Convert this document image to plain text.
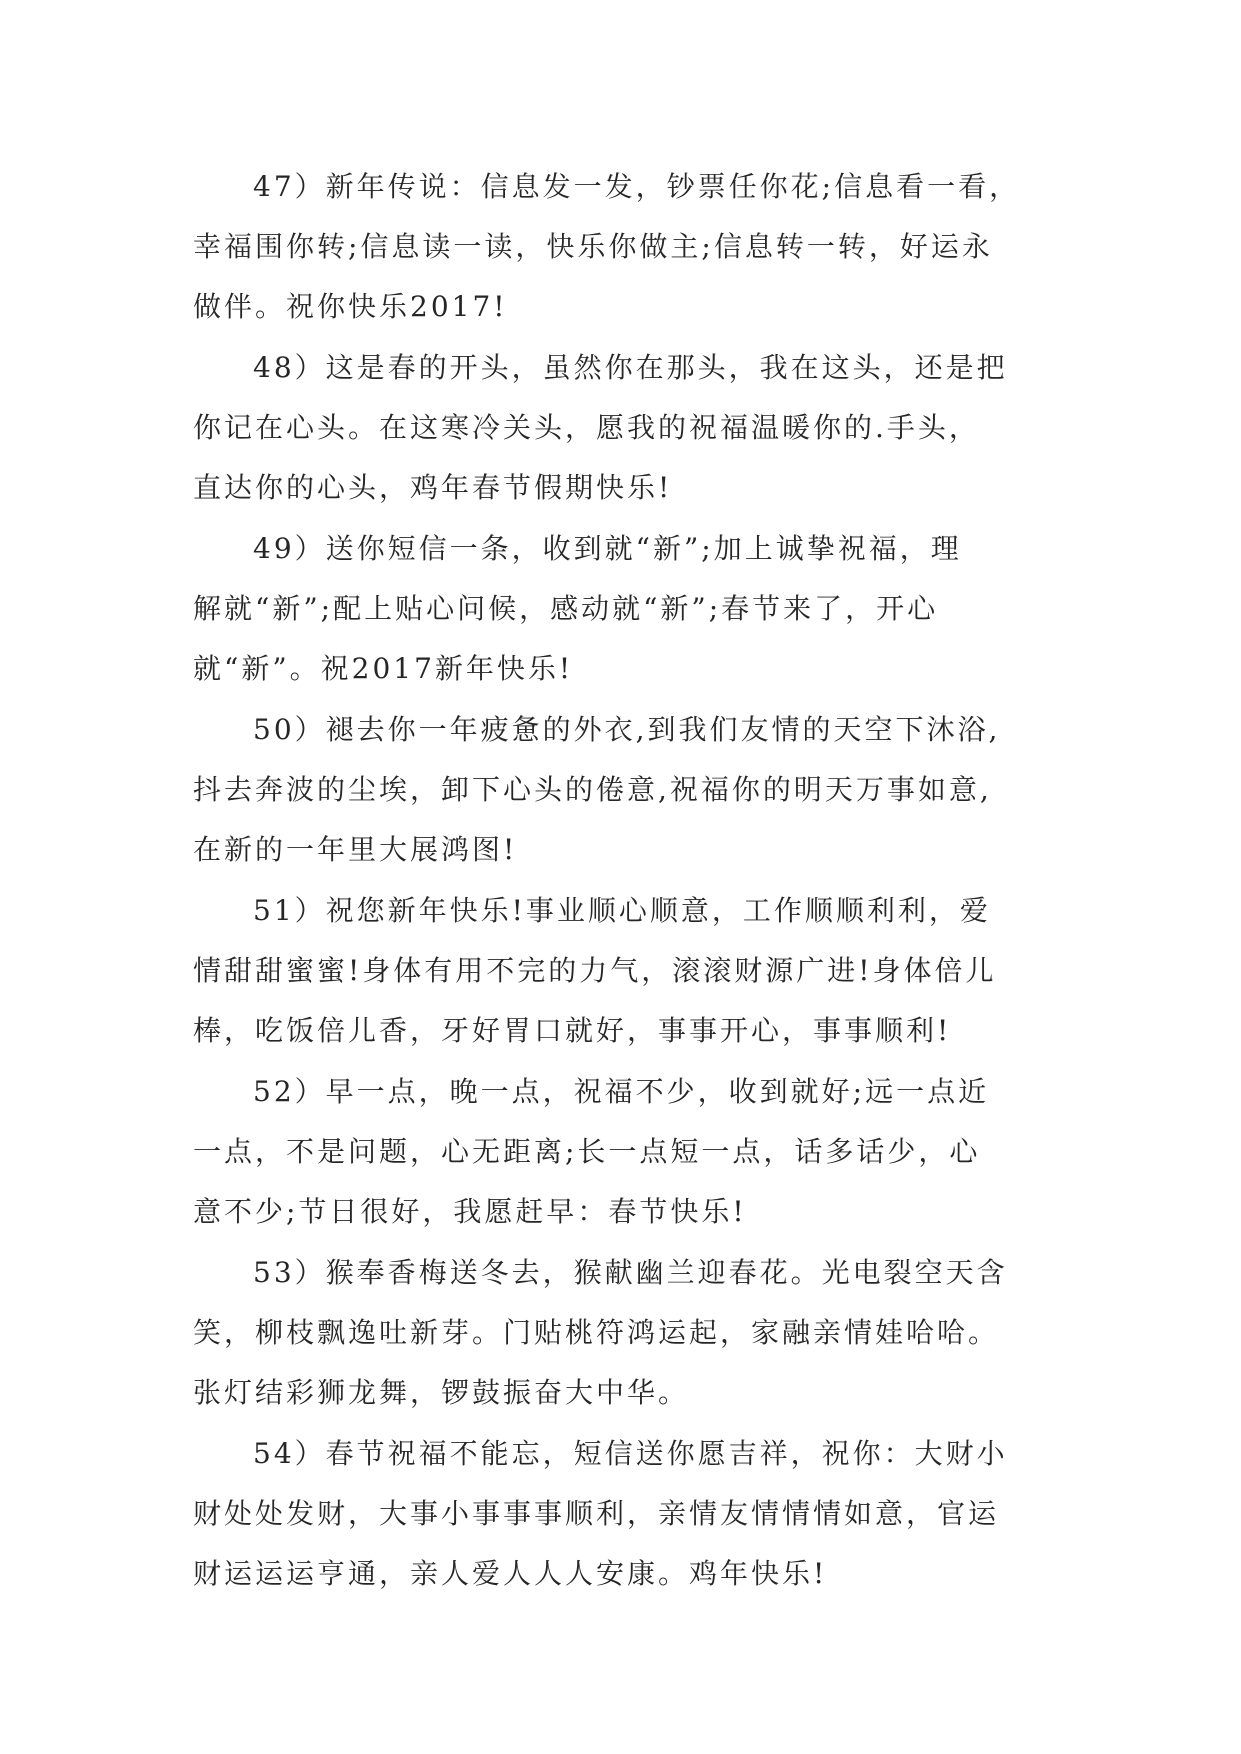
47）新年传说：信息发一发，钞票任你花;信息看一看，
幸福围你转;信息读一读，快乐你做主;信息转一转，好运永
做伴。祝你快乐2017!
48）这是春的开头，虽然你在那头，我在这头，还是把
你记在心头。在这寒冷关头，愿我的祝福温暖你的.手头，
直达你的心头，鸡年春节假期快乐!
49）送你短信一条，收到就“新”;加上诚挚祝福，理
解就“新”;配上贴心问候，感动就“新”;春节来了，开心
就“新”。祝2017新年快乐!
50）褪去你一年疲惫的外衣,到我们友情的天空下沐浴,
抖去奔波的尘埃，卸下心头的倦意,祝福你的明天万事如意,
在新的一年里大展鸿图!
51）祝您新年快乐!事业顺心顺意，工作顺顺利利，爱
情甜甜蜜蜜!身体有用不完的力气，滚滚财源广进!身体倍儿
棒，吃饭倍儿香，牙好胃口就好，事事开心，事事顺利!
52）早一点，晚一点，祝福不少，收到就好;远一点近
一点，不是问题，心无距离;长一点短一点，话多话少，心
意不少;节日很好，我愿赶早：春节快乐!
53）猴奉香梅送冬去，猴献幽兰迎春花。光电裂空天含
笑，柳枝飘逸吐新芽。门贴桃符鸿运起，家融亲情娃哈哈。
张灯结彩狮龙舞，锣鼓振奋大中华。
54）春节祝福不能忘，短信送你愿吉祥，祝你：大财小
财处处发财，大事小事事事顺利，亲情友情情情如意，官运
财运运运亨通，亲人爱人人人安康。鸡年快乐!
